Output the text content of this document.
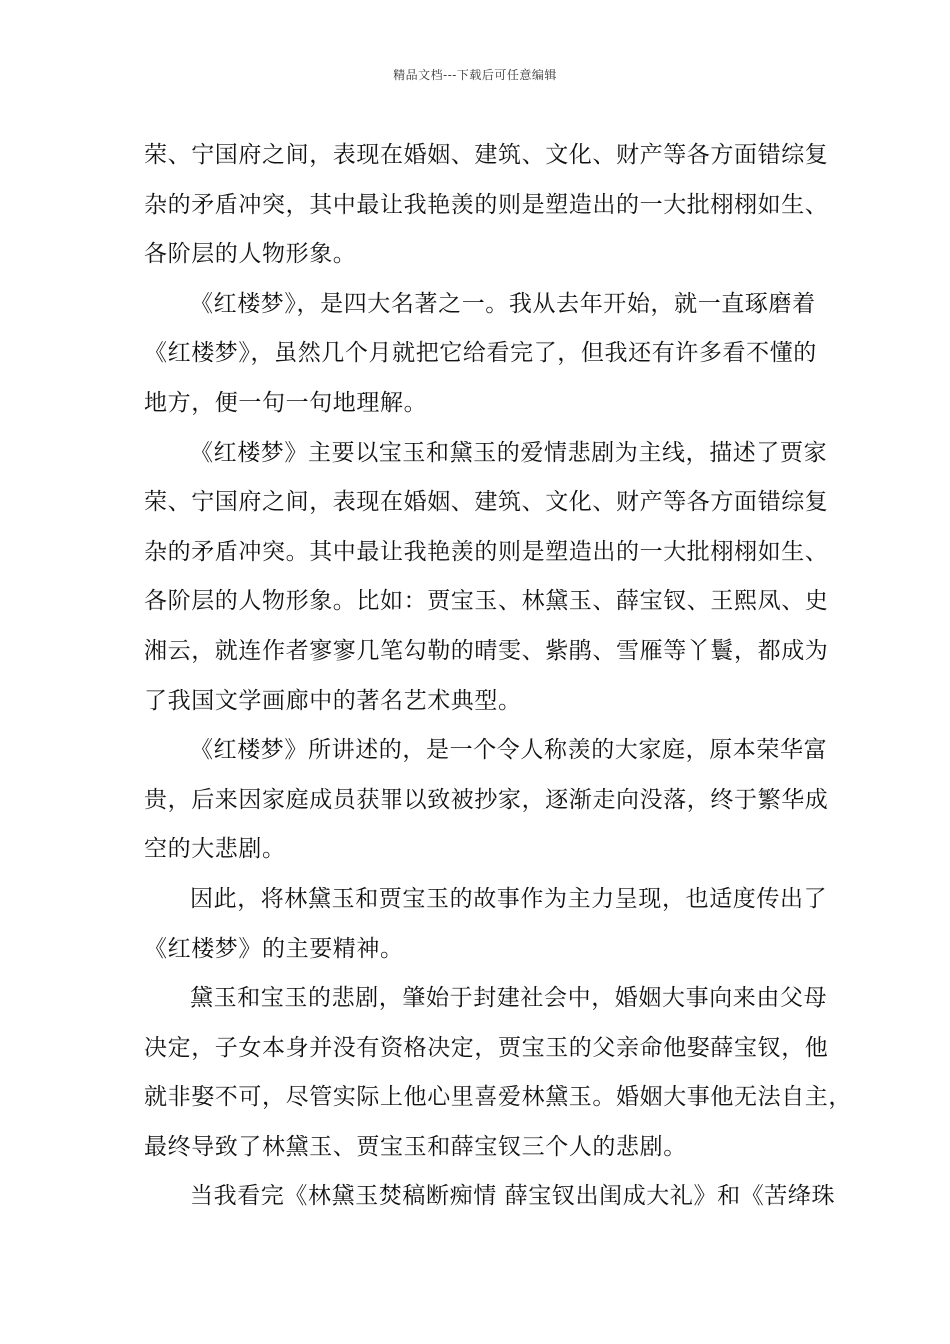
精品文档---下载后可任意编辑
荣、宁国府之间，表现在婚姻、建筑、文化、财产等各方面错综复
杂的矛盾冲突，其中最让我艳羡的则是塑造出的一大批栩栩如生、
各阶层的人物形象。
《红楼梦》，是四大名著之一。我从去年开始，就一直琢磨着
《红楼梦》，虽然几个月就把它给看完了，但我还有许多看不懂的
地方，便一句一句地理解。
《红楼梦》主要以宝玉和黛玉的爱情悲剧为主线，描述了贾家
荣、宁国府之间，表现在婚姻、建筑、文化、财产等各方面错综复
杂的矛盾冲突。其中最让我艳羡的则是塑造出的一大批栩栩如生、
各阶层的人物形象。比如：贾宝玉、林黛玉、薛宝钗、王熙凤、史
湘云，就连作者寥寥几笔勾勒的晴雯、紫鹃、雪雁等丫鬟，都成为
了我国文学画廊中的著名艺术典型。
《红楼梦》所讲述的，是一个令人称羡的大家庭，原本荣华富
贵，后来因家庭成员获罪以致被抄家，逐渐走向没落，终于繁华成
空的大悲剧。
因此，将林黛玉和贾宝玉的故事作为主力呈现，也适度传出了
《红楼梦》的主要精神。
黛玉和宝玉的悲剧，肇始于封建社会中，婚姻大事向来由父母
决定，子女本身并没有资格决定，贾宝玉的父亲命他娶薛宝钗，他
就非娶不可，尽管实际上他心里喜爱林黛玉。婚姻大事他无法自主，
最终导致了林黛玉、贾宝玉和薛宝钗三个人的悲剧。
当我看完《林黛玉焚稿断痴情 薛宝钗出闺成大礼》和《苦绛珠
